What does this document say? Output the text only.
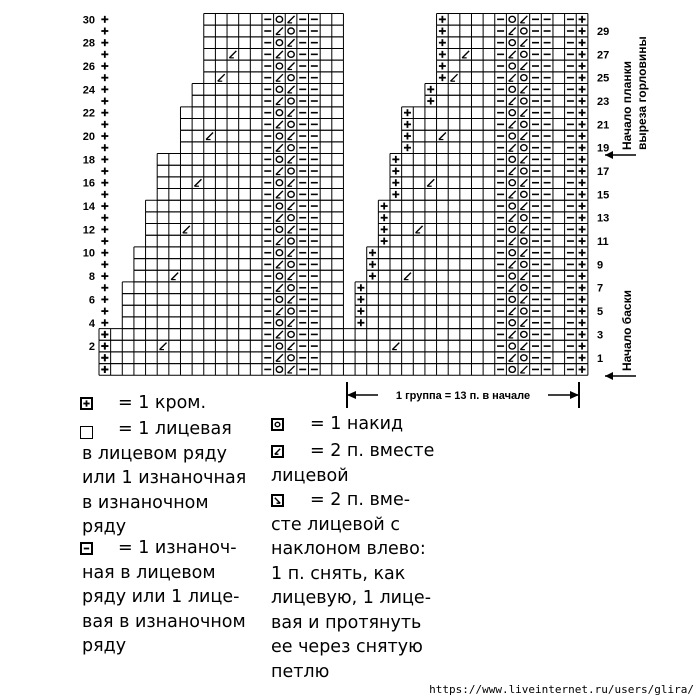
30
28
26
24
22
20
18
16
14
12
10
8
6
4
2
29
27
25
23
21
19
17
15
13
11
9
7
5
3
1
1 группа = 13 п. в начале
Начало планки выреза горловины
Начало баски
= 1 кром.
= 1 лицевая
в лицевом ряду
или 1 изнаночная
в изнаночном
ряду
= 1 изнаноч-
ная в лицевом
ряду или 1 лице-
вая в изнаночном
ряду
= 1 накид
= 2 п. вместе
лицевой
= 2 п. вме-
сте лицевой с
наклоном влево:
1 п. снять, как
лицевую, 1 лице-
вая и протянуть
ее через снятую
петлю
https://www.liveinternet.ru/users/glira/
